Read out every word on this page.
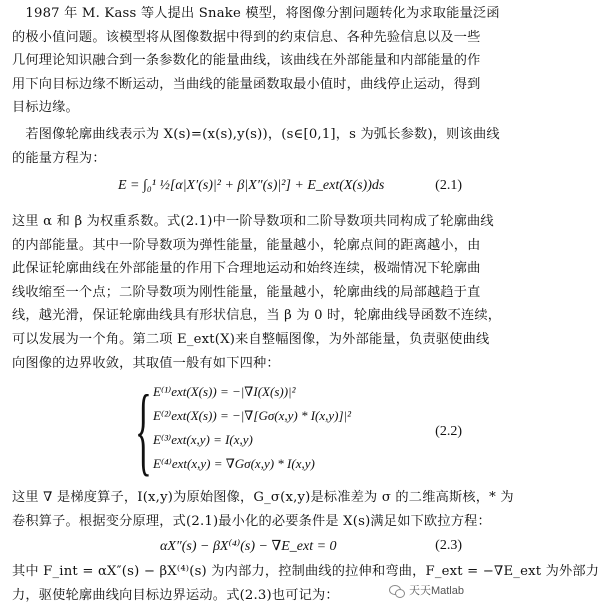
　1987 年 M. Kass 等人提出 Snake 模型，将图像分割问题转化为求取能量泛函
的极小值问题。该模型将从图像数据中得到的约束信息、各种先验信息以及一些
几何理论知识融合到一条参数化的能量曲线，该曲线在外部能量和内部能量的作
用下向目标边缘不断运动，当曲线的能量函数取最小值时，曲线停止运动，得到
目标边缘。
　若图像轮廓曲线表示为 X(s)=(x(s),y(s))，(s∈[0,1]，s 为弧长参数)，则该曲线
的能量方程为：
E = ∫₀¹ ½[α|X′(s)|² + β|X″(s)|²] + E_ext(X(s))ds	(2.1)
这里 α 和 β 为权重系数。式(2.1)中一阶导数项和二阶导数项共同构成了轮廓曲线
的内部能量。其中一阶导数项为弹性能量，能量越小，轮廓点间的距离越小，由
此保证轮廓曲线在外部能量的作用下合理地运动和始终连续，极端情况下轮廓曲
线收缩至一个点；二阶导数项为刚性能量，能量越小，轮廓曲线的局部越趋于直
线，越光滑，保证轮廓曲线具有形状信息，当 β 为 0 时，轮廓曲线导函数不连续，
可以发展为一个角。第二项 E_ext(X)来自整幅图像，为外部能量，负责驱使曲线
向图像的边界收敛，其取值一般有如下四种：
{ E⁽¹⁾ext(X(s)) = −|∇I(X(s))|²
E⁽²⁾ext(X(s)) = −|∇[Gσ(x,y) * I(x,y)]|²
E⁽³⁾ext(x,y) = I(x,y)
E⁽⁴⁾ext(x,y) = ∇Gσ(x,y) * I(x,y)
(2.2)
这里 ∇ 是梯度算子，I(x,y)为原始图像，G_σ(x,y)是标准差为 σ 的二维高斯核，* 为
卷积算子。根据变分原理，式(2.1)最小化的必要条件是 X(s)满足如下欧拉方程：
αX″(s) − βX⁽⁴⁾(s) − ∇E_ext = 0	(2.3)
其中 F_int = αX″(s) − βX⁽⁴⁾(s) 为内部力，控制曲线的拉伸和弯曲，F_ext = −∇E_ext 为外部力
力，驱使轮廓曲线向目标边界运动。式(2.3)也可记为：	天天Matlab
